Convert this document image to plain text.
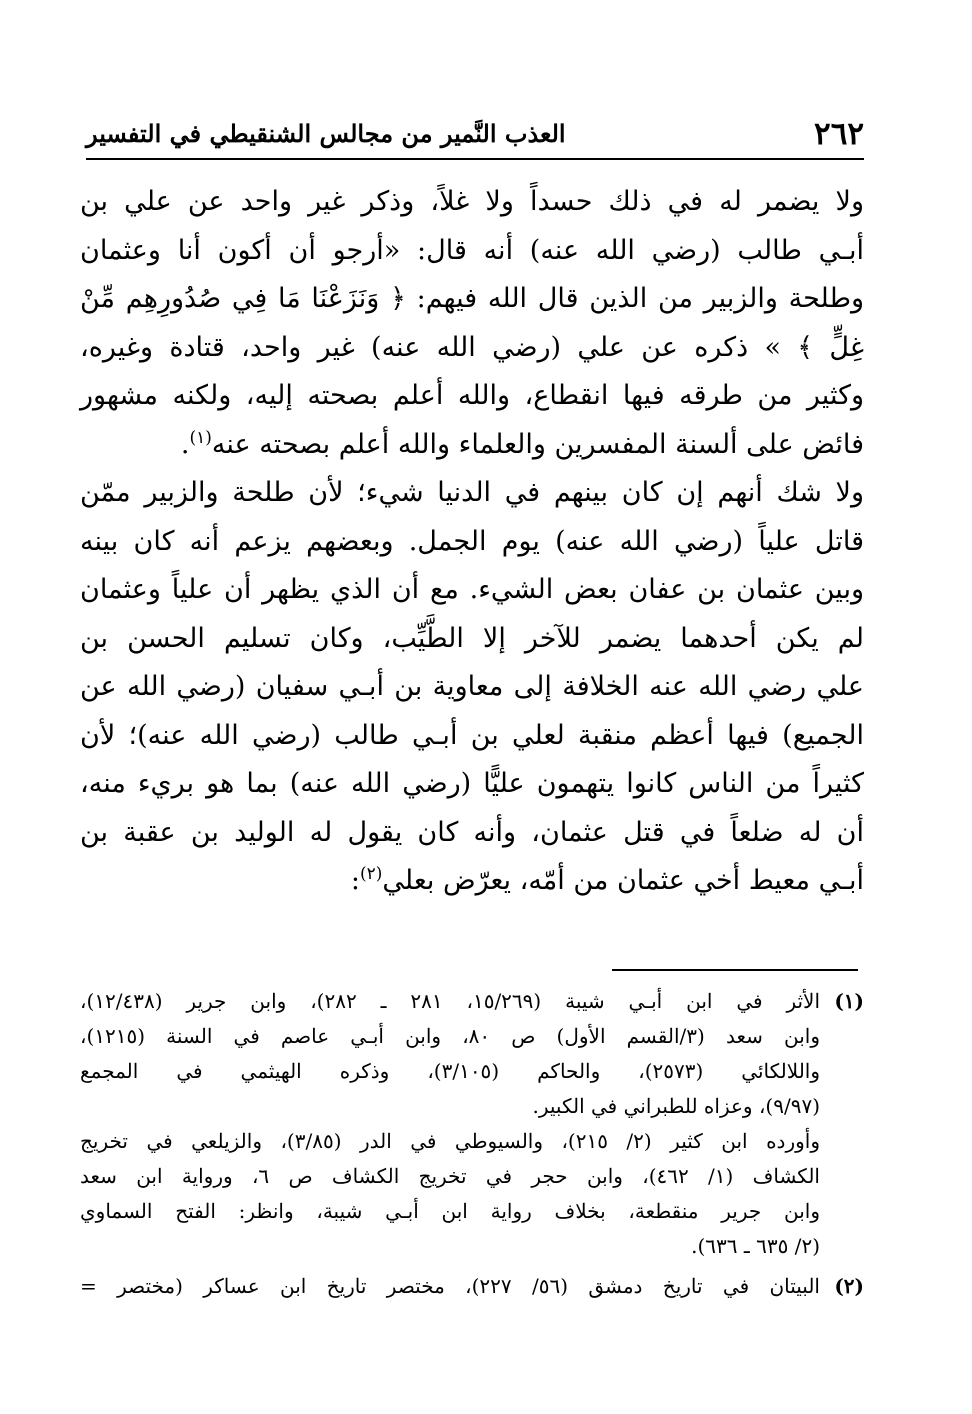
٢٦٢
العذب النَّمير من مجالس الشنقيطي في التفسير

ولا يضمر له في ذلك حسداً ولا غلاً، وذكر غير واحد عن علي بن

أبـي طالب (رضي الله عنه) أنه قال: «أرجو أن أكون أنا وعثمان

وطلحة والزبير من الذين قال الله فيهم: ﴿ وَنَزَعْنَا مَا فِي صُدُورِهِم مِّنْ

غِلٍّ ﴾ » ذكره عن علي (رضي الله عنه) غير واحد، قتادة وغيره،

وكثير من طرقه فيها انقطاع، والله أعلم بصحته إليه، ولكنه مشهور

فائض على ألسنة المفسرين والعلماء والله أعلم بصحته عنه$^{(١)}$.

ولا شك أنهم إن كان بينهم في الدنيا شيء؛ لأن طلحة والزبير ممّن

قاتل علياً (رضي الله عنه) يوم الجمل. وبعضهم يزعم أنه كان بينه

وبين عثمان بن عفان بعض الشيء. مع أن الذي يظهر أن علياً وعثمان

لم يكن أحدهما يضمر للآخر إلا الطَّيِّب، وكان تسليم الحسن بن

علي رضي الله عنه الخلافة إلى معاوية بن أبـي سفيان (رضي الله عن

الجميع) فيها أعظم منقبة لعلي بن أبـي طالب (رضي الله عنه)؛ لأن

كثيراً من الناس كانوا يتهمون عليًّا (رضي الله عنه) بما هو بريء منه،

أن له ضلعاً في قتل عثمان، وأنه كان يقول له الوليد بن عقبة بن

أبـي معيط أخي عثمان من أمّه، يعرّض بعلي$^{(٢)}$:

(١)

الأثر في ابن أبـي شيبة (١٥/٢٦٩، ٢٨١ ـ ٢٨٢)، وابن جرير (١٢/٤٣٨)،

وابن سعد (٣/القسم الأول) ص ٨٠، وابن أبـي عاصم في السنة (١٢١٥)،

واللالكائي (٢٥٧٣)، والحاكم (٣/١٠٥)، وذكره الهيثمي في المجمع

(٩/٩٧)، وعزاه للطبراني في الكبير.

وأورده ابن كثير (٢/ ٢١٥)، والسيوطي في الدر (٣/٨٥)، والزيلعي في تخريج

الكشاف (١/ ٤٦٢)، وابن حجر في تخريج الكشاف ص ٦، ورواية ابن سعد

وابن جرير منقطعة، بخلاف رواية ابن أبـي شيبة، وانظر: الفتح السماوي

(٢/ ٦٣٥ ـ ٦٣٦).

(٢)

البيتان في تاريخ دمشق (٥٦/ ٢٢٧)، مختصر تاريخ ابن عساكر (مختصر =
